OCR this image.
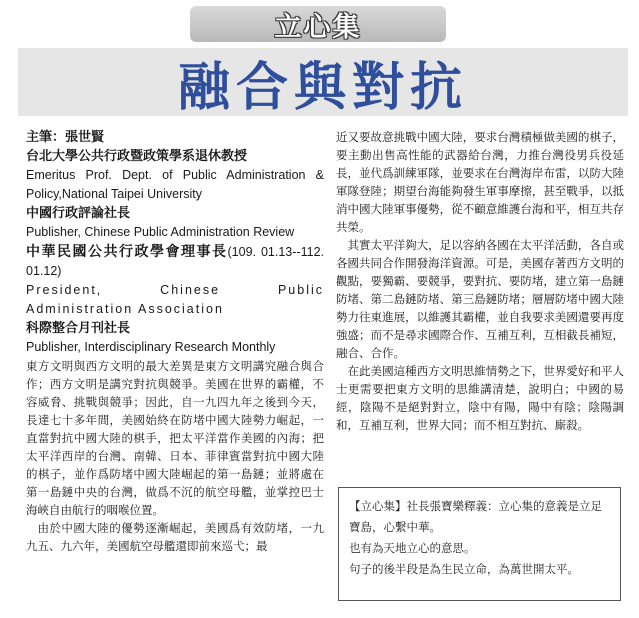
立心集
融合與對抗
主筆：張世賢
台北大學公共行政暨政策學系退休教授
Emeritus Prof. Dept. of Public Administration & Policy,National Taipei University
中國行政評論社長
Publisher, Chinese Public Administration Review
中華民國公共行政學會理事長(109. 01.13--112. 01.12)
President, Chinese Public Administration Association
科際整合月刊社長
Publisher, Interdisciplinary Research Monthly

東方文明與西方文明的最大差異是東方文明講究融合與合作；西方文明是講究對抗與競爭。美國在世界的霸權，不容威脅、挑戰與競爭；因此，自一九四九年之後到今天，長達七十多年間，美國始終在防堵中國大陸勢力崛起，一直當對抗中國大陸的棋手，把太平洋當作美國的內海；把太平洋西岸的台灣、南韓、日本、菲律賓當對抗中國大陸的棋子，並作爲防堵中國大陸崛起的第一島鏈；並將處在第一島鏈中央的台灣，做爲不沉的航空母艦，並掌控巴士海峽自由航行的咽喉位置。

由於中國大陸的優勢逐漸崛起，美國爲有效防堵，一九九五、九六年，美國航空母艦還即前來巡弋；最

近又要故意挑戰中國大陸，要求台灣積極做美國的棋子，要主動出售高性能的武器給台灣，力推台灣役男兵役延長，並代爲訓練軍隊，並要求在台灣海岸布雷，以防大陸軍隊登陸；期望台海能夠發生軍事摩擦，甚至戰爭，以抵消中國大陸軍事優勢，從不顧意維護台海和平，相互共存共榮。

其實太平洋夠大，足以容納各國在太平洋活動，各自或各國共同合作開發海洋資源。可是，美國存著西方文明的觀點，要獨霸、要競爭，要對抗、要防堵，建立第一島鏈防堵、第二島鏈防堵、第三島鏈防堵；層層防堵中國大陸勢力往東進展，以維護其霸權，並自我要求美國還要再度強盛；而不是尋求國際合作、互補互利，互相截長補短，融合、合作。

在此美國這種西方文明思維情勢之下，世界愛好和平人士更需要把東方文明的思維講清楚，說明白；中國的易經，陰陽不是絕對對立，陰中有陽，陽中有陰；陰陽調和，互補互利，世界大同；而不相互對抗、廝殺。

【立心集】社長張寶樂釋義：立心集的意義是立足寶島，心繫中華。

也有為天地立心的意思。

句子的後半段是為生民立命，為萬世開太平。
